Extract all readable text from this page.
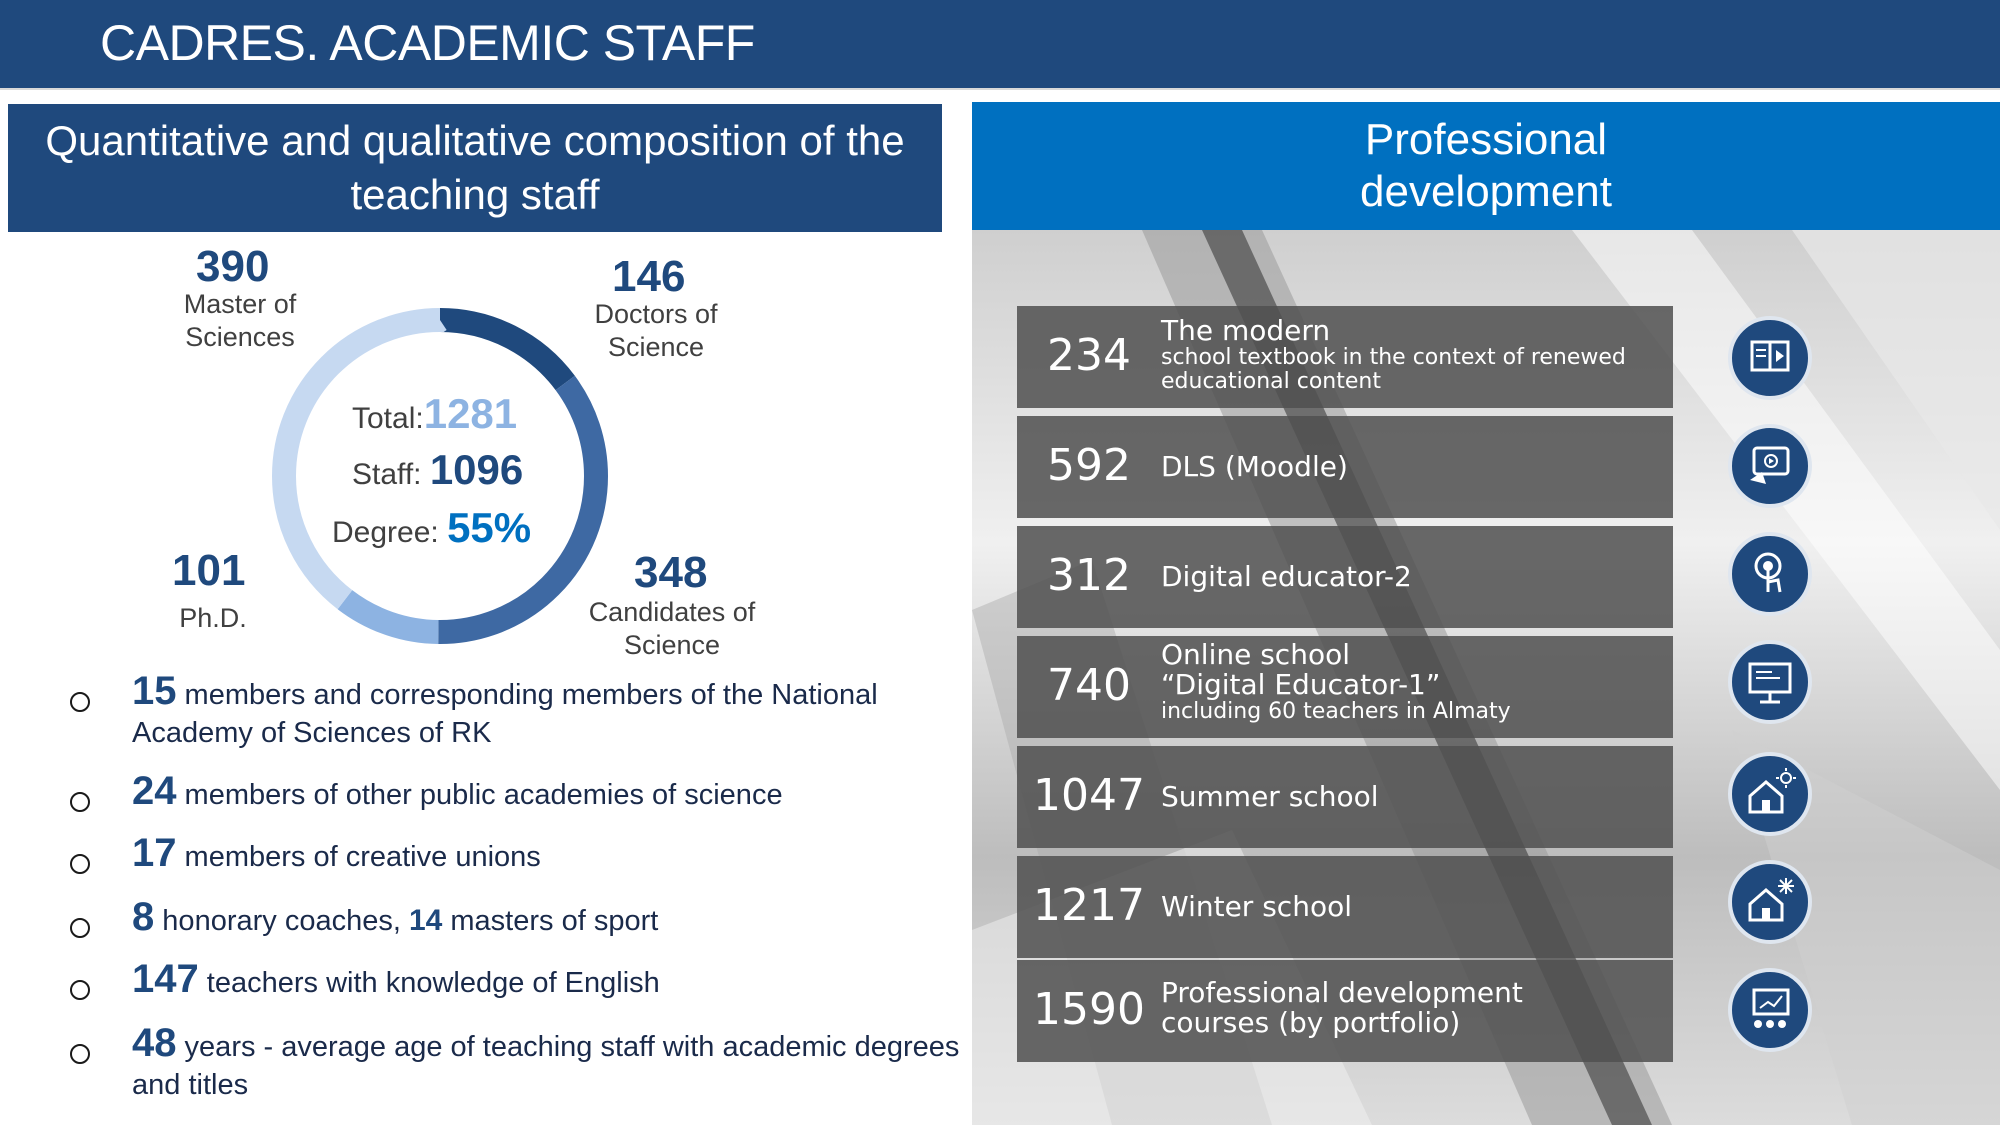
CADRES. ACADEMIC STAFF
Quantitative and qualitative composition of the teaching staff
Total:1281
Staff: 1096
Degree: 55%
390
Master of Sciences
146
Doctors of Science
101
Ph.D.
348
Candidates of Science
15 members and corresponding members of the National Academy of Sciences of RK
24 members of other public academies of science
17 members of creative unions
8 honorary coaches, 14 masters of sport
147 teachers with knowledge of English
48 years - average age of teaching staff with academic degrees and titles
Professional development
234	The modern
school textbook in the context of renewed educational content
592	DLS (Moodle)
312	Digital educator-2
740
Online school
“Digital Educator-1”
including 60 teachers in Almaty
1047 Summer school
1217 Winter school
1590 Professional development
courses (by portfolio)
